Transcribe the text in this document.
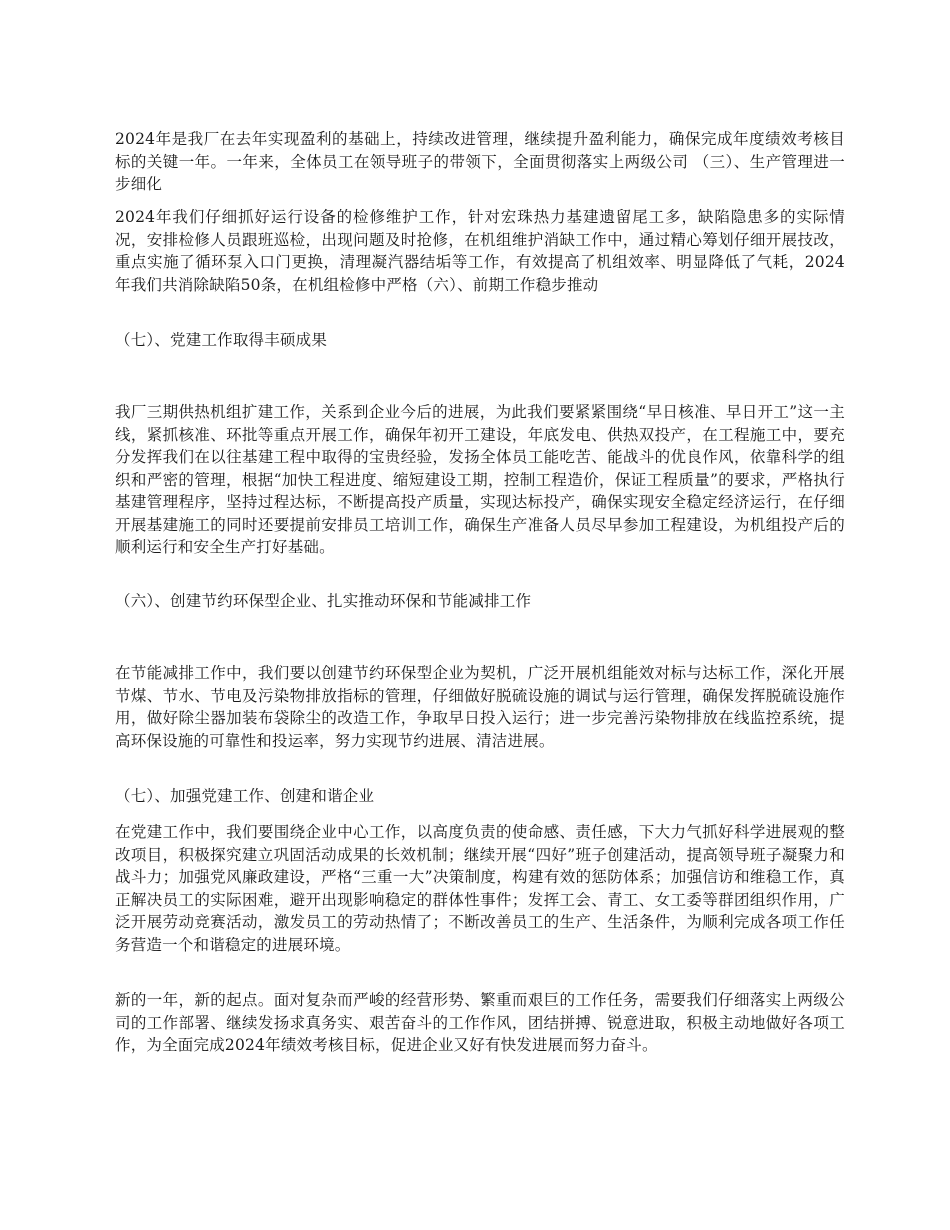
2024年是我厂在去年实现盈利的基础上，持续改进管理，继续提升盈利能力，确保完成年度绩效考核目标的关键一年。一年来，全体员工在领导班子的带领下，全面贯彻落实上两级公司 （三）、生产管理进一步细化

2024年我们仔细抓好运行设备的检修维护工作，针对宏珠热力基建遗留尾工多，缺陷隐患多的实际情况，安排检修人员跟班巡检，出现问题及时抢修，在机组维护消缺工作中，通过精心筹划仔细开展技改，重点实施了循环泵入口门更换，清理凝汽器结垢等工作，有效提高了机组效率、明显降低了气耗，2024年我们共消除缺陷50条，在机组检修中严格（六）、前期工作稳步推动

（七）、党建工作取得丰硕成果

我厂三期供热机组扩建工作，关系到企业今后的进展，为此我们要紧紧围绕“早日核准、早日开工”这一主线，紧抓核准、环批等重点开展工作，确保年初开工建设，年底发电、供热双投产，在工程施工中，要充分发挥我们在以往基建工程中取得的宝贵经验，发扬全体员工能吃苦、能战斗的优良作风，依靠科学的组织和严密的管理，根据“加快工程进度、缩短建设工期，控制工程造价，保证工程质量”的要求，严格执行基建管理程序，坚持过程达标，不断提高投产质量，实现达标投产，确保实现安全稳定经济运行，在仔细开展基建施工的同时还要提前安排员工培训工作，确保生产准备人员尽早参加工程建设，为机组投产后的顺利运行和安全生产打好基础。

（六）、创建节约环保型企业、扎实推动环保和节能减排工作

在节能减排工作中，我们要以创建节约环保型企业为契机，广泛开展机组能效对标与达标工作，深化开展节煤、节水、节电及污染物排放指标的管理，仔细做好脱硫设施的调试与运行管理，确保发挥脱硫设施作用，做好除尘器加装布袋除尘的改造工作，争取早日投入运行；进一步完善污染物排放在线监控系统，提高环保设施的可靠性和投运率，努力实现节约进展、清洁进展。

（七）、加强党建工作、创建和谐企业

在党建工作中，我们要围绕企业中心工作，以高度负责的使命感、责任感，下大力气抓好科学进展观的整改项目，积极探究建立巩固活动成果的长效机制；继续开展“四好”班子创建活动，提高领导班子凝聚力和战斗力；加强党风廉政建设，严格“三重一大”决策制度，构建有效的惩防体系；加强信访和维稳工作，真正解决员工的实际困难，避开出现影响稳定的群体性事件；发挥工会、青工、女工委等群团组织作用，广泛开展劳动竞赛活动，激发员工的劳动热情了；不断改善员工的生产、生活条件，为顺利完成各项工作任务营造一个和谐稳定的进展环境。

新的一年，新的起点。面对复杂而严峻的经营形势、繁重而艰巨的工作任务，需要我们仔细落实上两级公司的工作部署、继续发扬求真务实、艰苦奋斗的工作作风，团结拼搏、锐意进取，积极主动地做好各项工作，为全面完成2024年绩效考核目标，促进企业又好有快发进展而努力奋斗。
